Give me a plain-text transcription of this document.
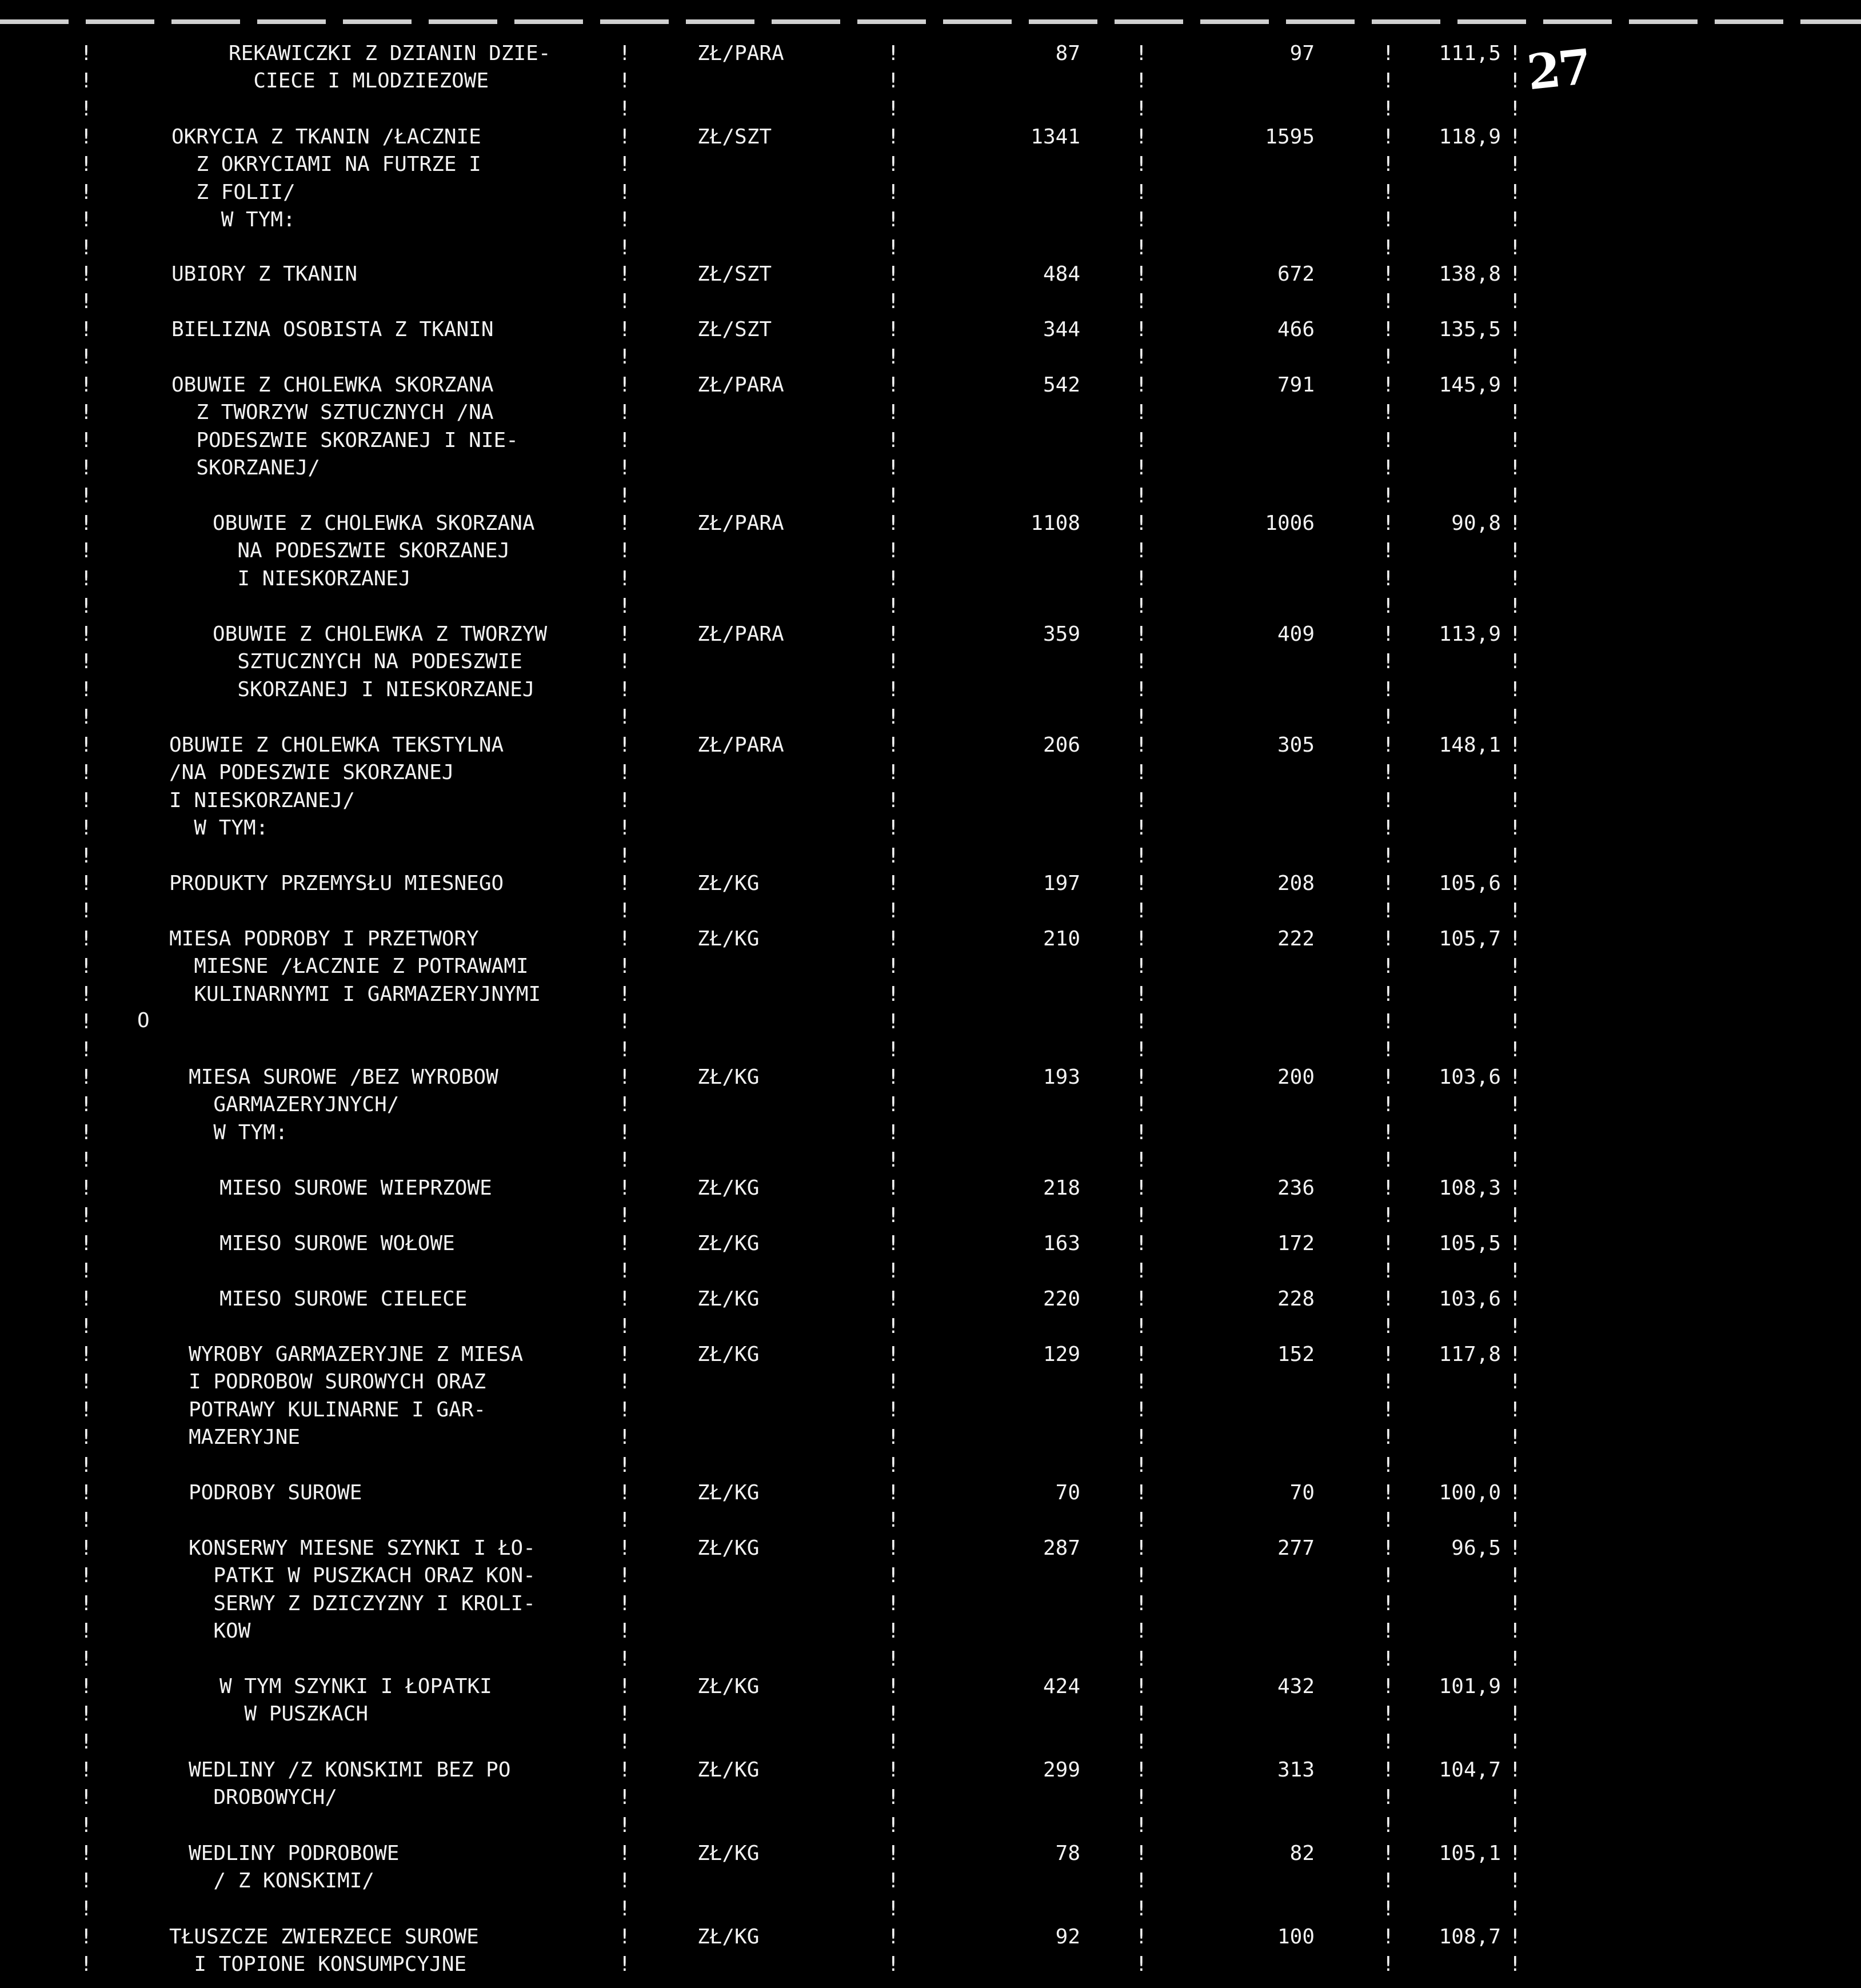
27
O
!
!
!
!
!
!
!
!
!
!
!
!
!
!
!
!
!
!
REKAWICZKI Z DZIANIN DZIE-
CIECE I MLODZIEZOWE
ZŁ/PARA	87	97	111,5
!
!
!
!
!
!
!
!
!
!
!
!
!
!
!
!
!
!
!
!
!
!
!
!
!
!
!
!
!
!
OKRYCIA Z TKANIN /ŁACZNIE
Z OKRYCIAMI NA FUTRZE I
Z FOLII/
W TYM:
ZŁ/SZT	1341	1595	118,9
!
!
!
!
!
!
!
!
!
!
!
!
UBIORY Z TKANIN	ZŁ/SZT	484	672	138,8
!
!
!
!
!
!
!
!
!
!
!
!
BIELIZNA OSOBISTA Z TKANIN	ZŁ/SZT	344	466	135,5
!
!
!
!
!
!
!
!
!
!
!
!
!
!
!
!
!
!
!
!
!
!
!
!
!
!
!
!
!
!
OBUWIE Z CHOLEWKA SKORZANA
Z TWORZYW SZTUCZNYCH /NA
PODESZWIE SKORZANEJ I NIE-
SKORZANEJ/
ZŁ/PARA	542	791	145,9
!
!
!
!
!
!
!
!
!
!
!
!
!
!
!
!
!
!
!
!
!
!
!
!
OBUWIE Z CHOLEWKA SKORZANA
NA PODESZWIE SKORZANEJ
I NIESKORZANEJ
ZŁ/PARA	1108	1006	90,8
!
!
!
!
!
!
!
!
!
!
!
!
!
!
!
!
!
!
!
!
!
!
!
!
OBUWIE Z CHOLEWKA Z TWORZYW
SZTUCZNYCH NA PODESZWIE
SKORZANEJ I NIESKORZANEJ
ZŁ/PARA	359	409	113,9
!
!
!
!
!
!
!
!
!
!
!
!
!
!
!
!
!
!
!
!
!
!
!
!
!
!
!
!
!
!
OBUWIE Z CHOLEWKA TEKSTYLNA
/NA PODESZWIE SKORZANEJ
I NIESKORZANEJ/
W TYM:
ZŁ/PARA	206	305	148,1
!
!
!
!
!
!
!
!
!
!
!
!
PRODUKTY PRZEMYSŁU MIESNEGO	ZŁ/KG	197	208	105,6
!
!
!
!
!
!
!
!
!
!
!
!
!
!
!
!
!
!
!
!
!
!
!
!
!
!
!
!
!
!
MIESA PODROBY I PRZETWORY
MIESNE /ŁACZNIE Z POTRAWAMI
KULINARNYMI I GARMAZERYJNYMI
ZŁ/KG	210	222	105,7
!
!
!
!
!
!
!
!
!
!
!
!
!
!
!
!
!
!
!
!
!
!
!
!
MIESA SUROWE /BEZ WYROBOW
GARMAZERYJNYCH/
W TYM:
ZŁ/KG	193	200	103,6
!
!
!
!
!
!
!
!
!
!
!
!
MIESO SUROWE WIEPRZOWE	ZŁ/KG	218	236	108,3
!
!
!
!
!
!
!
!
!
!
!
!
MIESO SUROWE WOŁOWE	ZŁ/KG	163	172	105,5
!
!
!
!
!
!
!
!
!
!
!
!
MIESO SUROWE CIELECE	ZŁ/KG	220	228	103,6
!
!
!
!
!
!
!
!
!
!
!
!
!
!
!
!
!
!
!
!
!
!
!
!
!
!
!
!
!
!
WYROBY GARMAZERYJNE Z MIESA
I PODROBOW SUROWYCH ORAZ
POTRAWY KULINARNE I GAR-
MAZERYJNE
ZŁ/KG	129	152	117,8
!
!
!
!
!
!
!
!
!
!
!
!
PODROBY SUROWE	ZŁ/KG	70	70	100,0
!
!
!
!
!
!
!
!
!
!
!
!
!
!
!
!
!
!
!
!
!
!
!
!
!
!
!
!
!
!
KONSERWY MIESNE SZYNKI I ŁO-
PATKI W PUSZKACH ORAZ KON-
SERWY Z DZICZYZNY I KROLI-
KOW
ZŁ/KG	287	277	96,5
!
!
!
!
!
!
!
!
!
!
!
!
!
!
!
!
!
!
W TYM SZYNKI I ŁOPATKI
W PUSZKACH
ZŁ/KG	424	432	101,9
!
!
!
!
!
!
!
!
!
!
!
!
!
!
!
!
!
!
WEDLINY /Z KONSKIMI BEZ PO
DROBOWYCH/
ZŁ/KG	299	313	104,7
!
!
!
!
!
!
!
!
!
!
!
!
!
!
!
!
!
!
WEDLINY PODROBOWE
/ Z KONSKIMI/
ZŁ/KG	78	82	105,1
!
!
!
!
!
!
!
!
!
!
!
!
TŁUSZCZE ZWIERZECE SUROWE
I TOPIONE KONSUMPCYJNE
ZŁ/KG	92	100	108,7
